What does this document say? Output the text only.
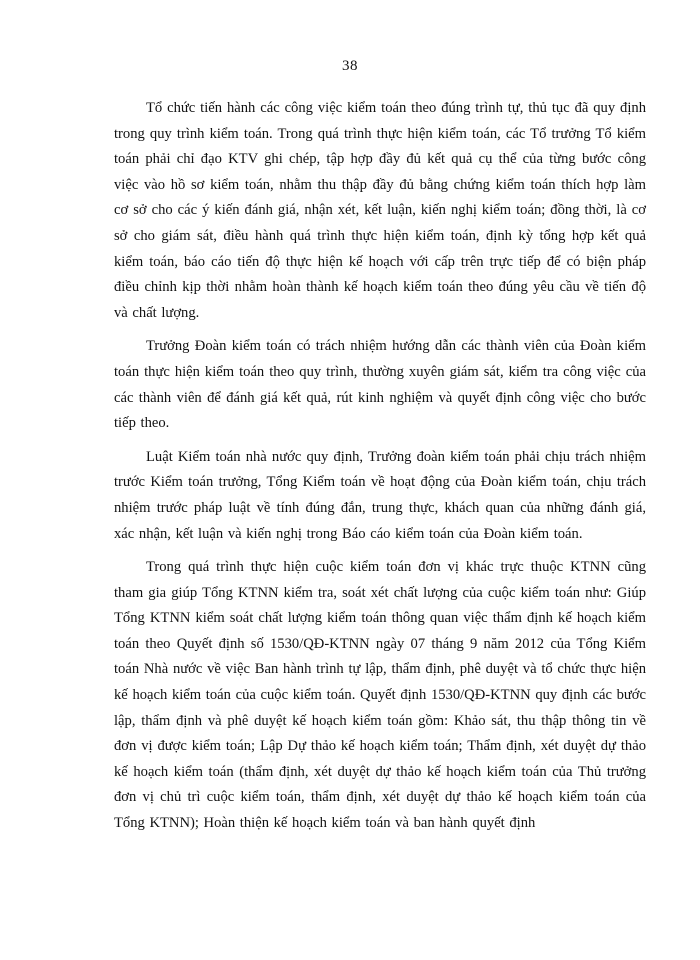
38

Tổ chức tiến hành các công việc kiểm toán theo đúng trình tự, thủ tục đã quy định trong quy trình kiểm toán. Trong quá trình thực hiện kiểm toán, các Tổ trưởng Tổ kiểm toán phải chỉ đạo KTV ghi chép, tập hợp đầy đủ kết quả cụ thể của từng bước công việc vào hồ sơ kiểm toán, nhằm thu thập đầy đủ bằng chứng kiểm toán thích hợp làm cơ sở cho các ý kiến đánh giá, nhận xét, kết luận, kiến nghị kiểm toán; đồng thời, là cơ sở cho giám sát, điều hành quá trình thực hiện kiểm toán, định kỳ tổng hợp kết quả kiểm toán, báo cáo tiến độ thực hiện kế hoạch với cấp trên trực tiếp để có biện pháp điều chỉnh kịp thời nhằm hoàn thành kế hoạch kiểm toán theo đúng yêu cầu về tiến độ và chất lượng.

Trưởng Đoàn kiểm toán có trách nhiệm hướng dẫn các thành viên của Đoàn kiểm toán thực hiện kiểm toán theo quy trình, thường xuyên giám sát, kiểm tra công việc của các thành viên để đánh giá kết quả, rút kinh nghiệm và quyết định công việc cho bước tiếp theo.

Luật Kiểm toán nhà nước quy định, Trưởng đoàn kiểm toán phải chịu trách nhiệm trước Kiểm toán trưởng, Tổng Kiểm toán về hoạt động của Đoàn kiểm toán, chịu trách nhiệm trước pháp luật về tính đúng đắn, trung thực, khách quan của những đánh giá, xác nhận, kết luận và kiến nghị trong Báo cáo kiểm toán của Đoàn kiểm toán.

Trong quá trình thực hiện cuộc kiểm toán đơn vị khác trực thuộc KTNN cũng tham gia giúp Tổng KTNN kiểm tra, soát xét chất lượng của cuộc kiểm toán như: Giúp Tổng KTNN kiểm soát chất lượng kiểm toán thông quan việc thẩm định kế hoạch kiểm toán theo Quyết định số 1530/QĐ-KTNN ngày 07 tháng 9 năm 2012 của Tổng Kiểm toán Nhà nước về việc Ban hành trình tự lập, thẩm định, phê duyệt và tổ chức thực hiện kế hoạch kiểm toán của cuộc kiểm toán. Quyết định 1530/QĐ-KTNN quy định các bước lập, thẩm định và phê duyệt kế hoạch kiểm toán gồm: Khảo sát, thu thập thông tin về đơn vị được kiểm toán; Lập Dự thảo kế hoạch kiểm toán; Thẩm định, xét duyệt dự thảo kế hoạch kiểm toán (thẩm định, xét duyệt dự thảo kế hoạch kiểm toán của Thủ trưởng đơn vị chủ trì cuộc kiểm toán, thẩm định, xét duyệt dự thảo kế hoạch kiểm toán của Tổng KTNN); Hoàn thiện kế hoạch kiểm toán và ban hành quyết định
